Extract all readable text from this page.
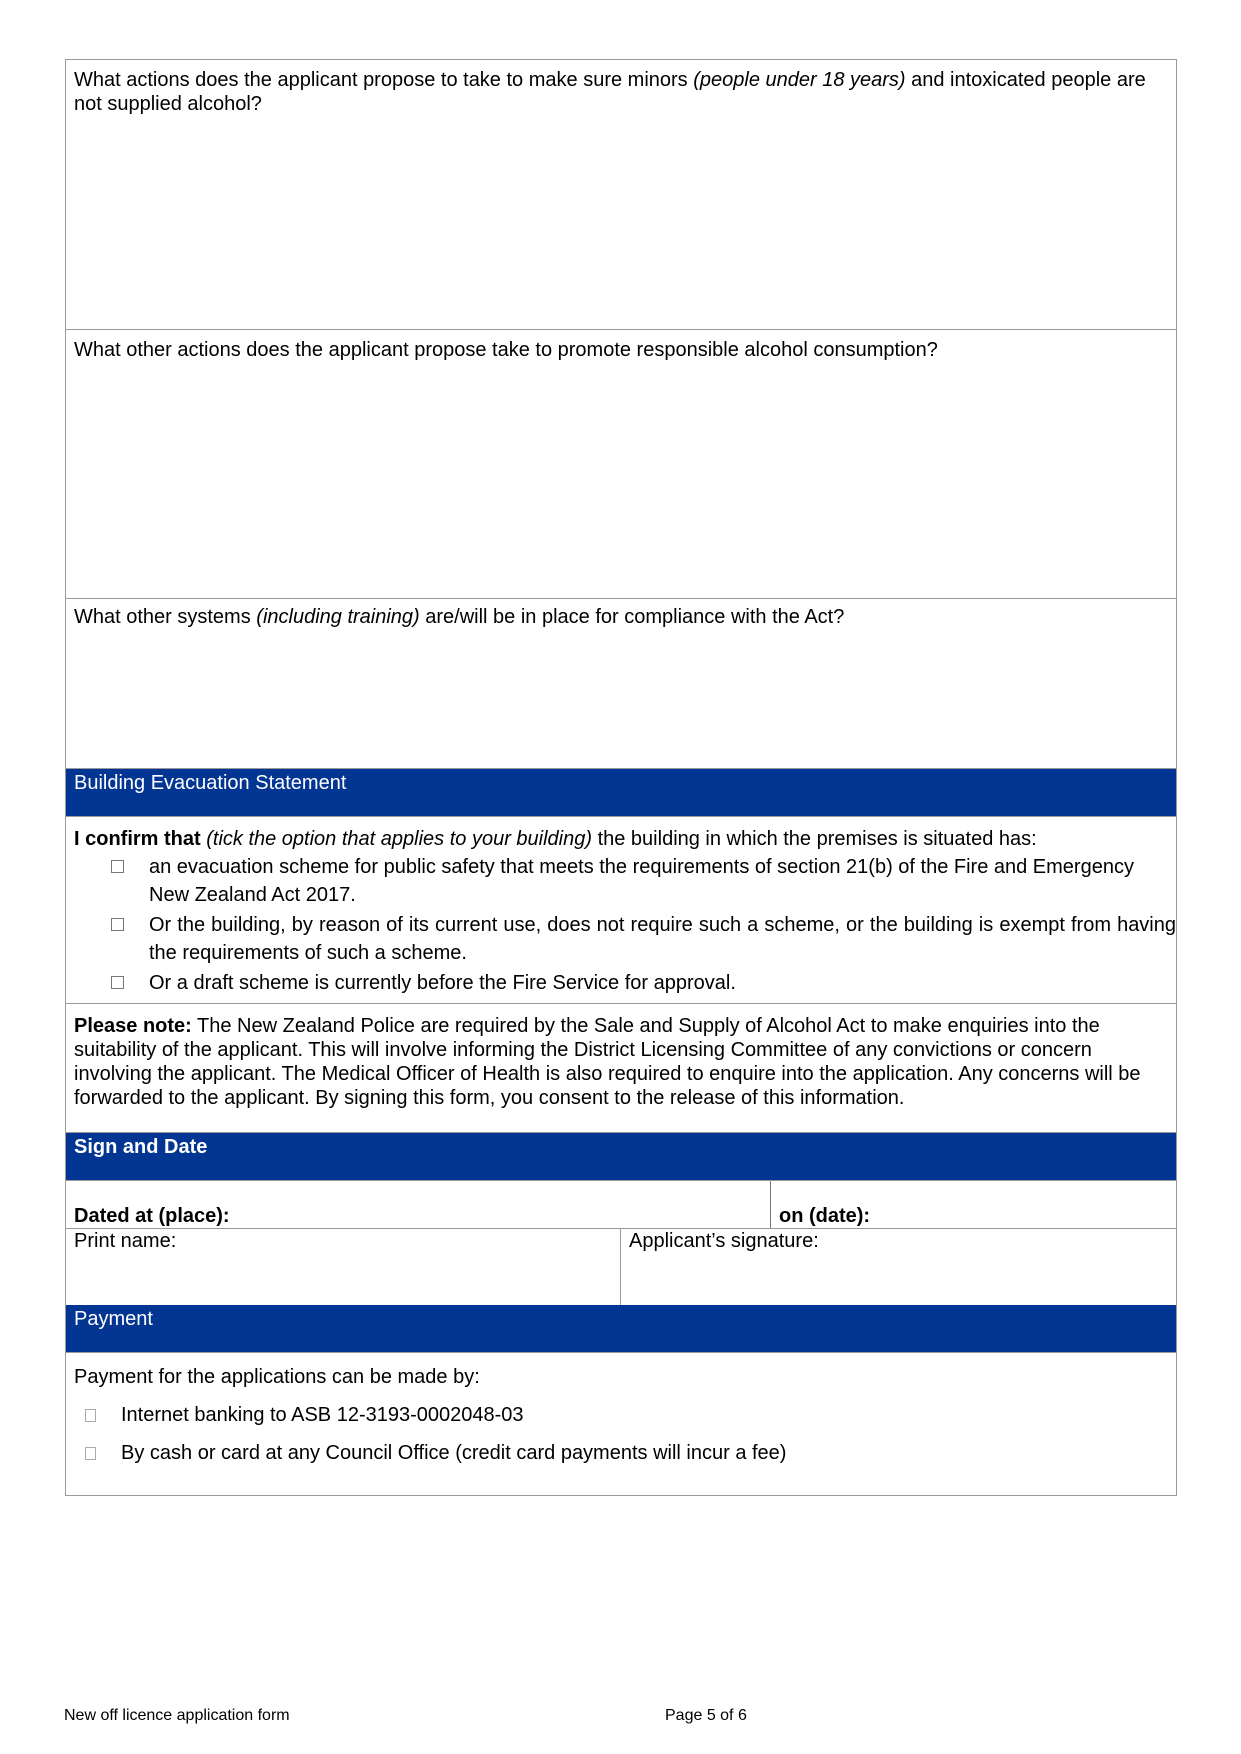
What actions does the applicant propose to take to make sure minors (people under 18 years) and intoxicated people are not supplied alcohol?
What other actions does the applicant propose take to promote responsible alcohol consumption?
What other systems (including training) are/will be in place for compliance with the Act?
Building Evacuation Statement
I confirm that (tick the option that applies to your building) the building in which the premises is situated has:
an evacuation scheme for public safety that meets the requirements of section 21(b) of the Fire and Emergency New Zealand Act 2017.
Or the building, by reason of its current use, does not require such a scheme, or the building is exempt from having the requirements of such a scheme.
Or a draft scheme is currently before the Fire Service for approval.
Please note: The New Zealand Police are required by the Sale and Supply of Alcohol Act to make enquiries into the suitability of the applicant. This will involve informing the District Licensing Committee of any convictions or concern involving the applicant. The Medical Officer of Health is also required to enquire into the application. Any concerns will be forwarded to the applicant. By signing this form, you consent to the release of this information.
Sign and Date
Dated at (place):	on (date):
Print name:	Applicant’s signature:
Payment
Payment for the applications can be made by:
Internet banking to ASB 12-3193-0002048-03
By cash or card at any Council Office (credit card payments will incur a fee)
New off licence application form	Page 5 of 6
